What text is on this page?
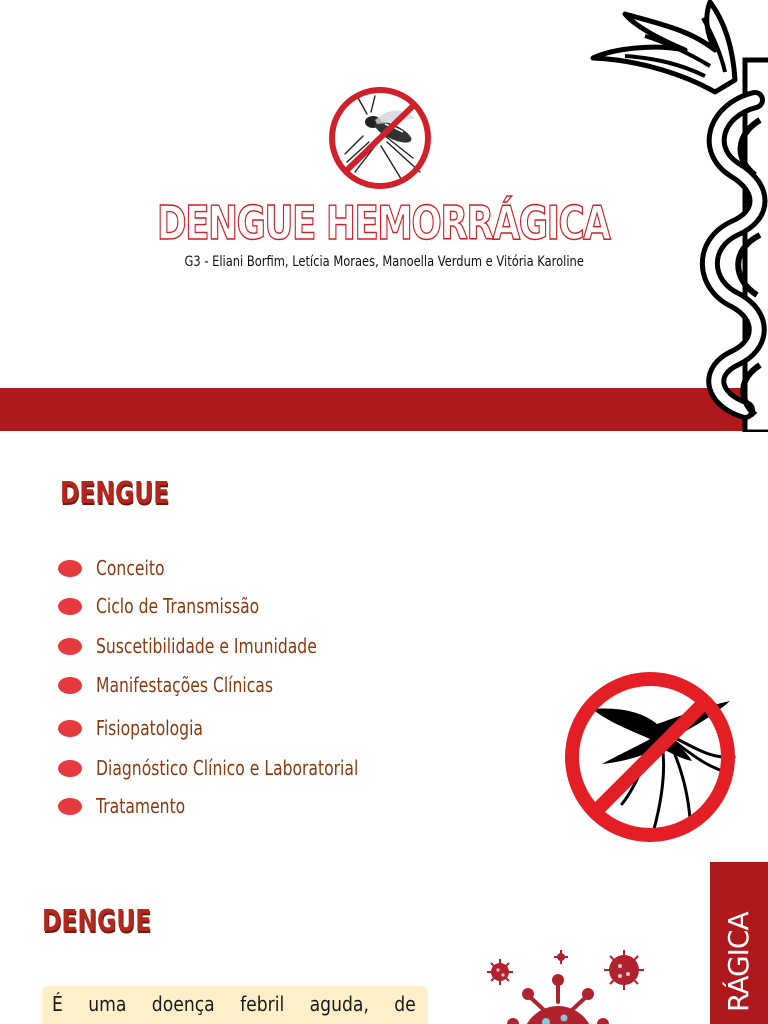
DENGUE HEMORRÁGICA
G3 - Eliani Borfim, Letícia Moraes, Manoella Verdum e Vitória Karoline
DENGUE
Conceito
Ciclo de Transmissão
Suscetibilidade e Imunidade
Manifestações Clínicas
Fisiopatologia
Diagnóstico Clínico e Laboratorial
Tratamento
DENGUE
É uma doença febril aguda, de	RÁGICA
